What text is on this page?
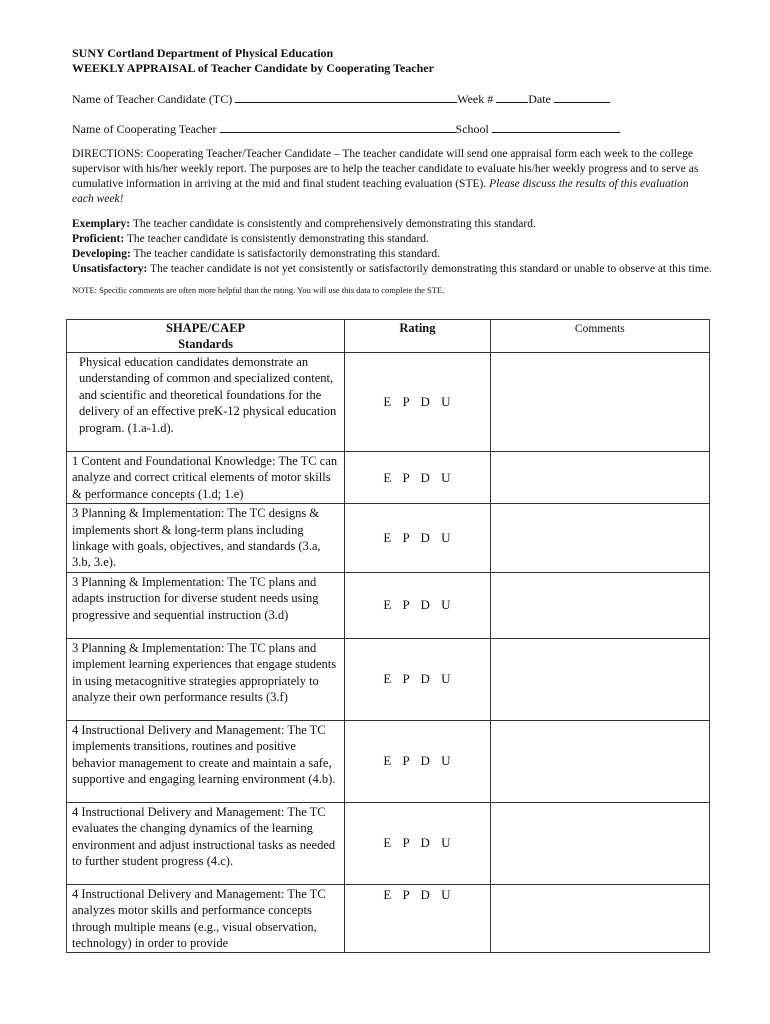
SUNY Cortland Department of Physical Education
WEEKLY APPRAISAL of Teacher Candidate by Cooperating Teacher
Name of Teacher Candidate (TC)	Week #	Date
Name of Cooperating Teacher	School
DIRECTIONS: Cooperating Teacher/Teacher Candidate – The teacher candidate will send one appraisal form each week to the college supervisor with his/her weekly report. The purposes are to help the teacher candidate to evaluate his/her weekly progress and to serve as cumulative information in arriving at the mid and final student teaching evaluation (STE). Please discuss the results of this evaluation each week!
Exemplary: The teacher candidate is consistently and comprehensively demonstrating this standard.
Proficient: The teacher candidate is consistently demonstrating this standard.
Developing: The teacher candidate is satisfactorily demonstrating this standard.
Unsatisfactory: The teacher candidate is not yet consistently or satisfactorily demonstrating this standard or unable to observe at this time.
NOTE: Specific comments are often more helpful than the rating. You will use this data to complete the STE.
SHAPE/CAEP
Standards	Rating	Comments
Physical education candidates demonstrate an understanding of common and specialized content, and scientific and theoretical foundations for the delivery of an effective preK-12 physical education program. (1.a-1.d).	E P D U	
1 Content and Foundational Knowledge: The TC can analyze and correct critical elements of motor skills & performance concepts (1.d; 1.e)	E P D U	
3 Planning & Implementation: The TC designs & implements short & long-term plans including linkage with goals, objectives, and standards (3.a, 3.b, 3.e).	E P D U	
3 Planning & Implementation: The TC plans and adapts instruction for diverse student needs using progressive and sequential instruction (3.d)	E P D U	
3 Planning & Implementation: The TC plans and implement learning experiences that engage students in using metacognitive strategies appropriately to analyze their own performance results (3.f)	E P D U	
4 Instructional Delivery and Management: The TC implements transitions, routines and positive behavior management to create and maintain a safe, supportive and engaging learning environment (4.b).	E P D U	
4 Instructional Delivery and Management: The TC evaluates the changing dynamics of the learning environment and adjust instructional tasks as needed to further student progress (4.c).	E P D U	
4 Instructional Delivery and Management: The TC analyzes motor skills and performance concepts through multiple means (e.g., visual observation, technology) in order to provide	E P D U	
